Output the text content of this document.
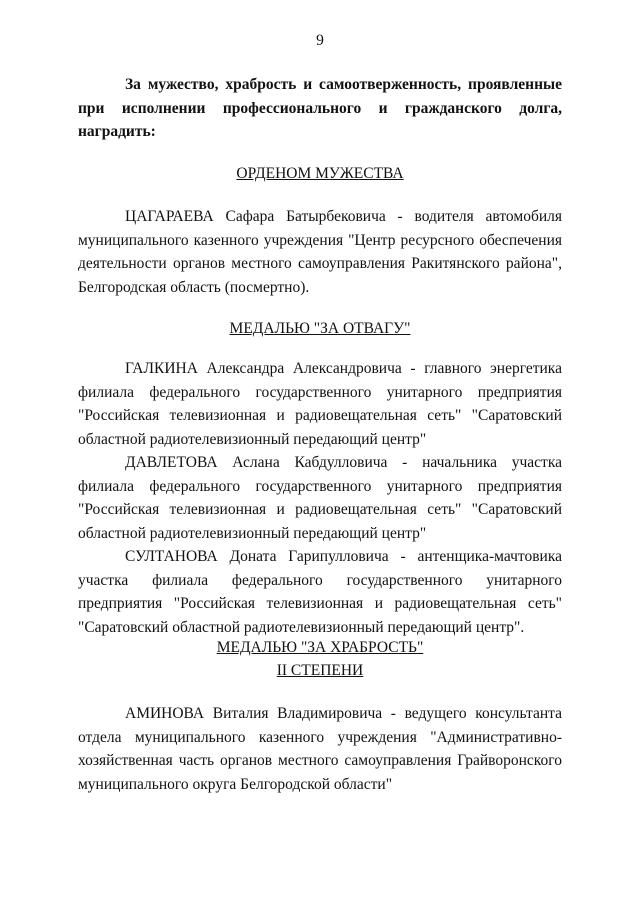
9
За мужество, храбрость и самоотверженность, проявленные при исполнении профессионального и гражданского долга, наградить:
ОРДЕНОМ МУЖЕСТВА

ЦАГАРАЕВА Сафара Батырбековича - водителя автомобиля муниципального казенного учреждения "Центр ресурсного обеспечения деятельности органов местного самоуправления Ракитянского района", Белгородская область (посмертно).

МЕДАЛЬЮ "ЗА ОТВАГУ"

ГАЛКИНА Александра Александровича - главного энергетика филиала федерального государственного унитарного предприятия "Российская телевизионная и радиовещательная сеть" "Саратовский областной радиотелевизионный передающий центр"

ДАВЛЕТОВА Аслана Кабдулловича - начальника участка филиала федерального государственного унитарного предприятия "Российская телевизионная и радиовещательная сеть" "Саратовский областной радиотелевизионный передающий центр"

СУЛТАНОВА Доната Гарипулловича - антенщика-мачтовика участка филиала федерального государственного унитарного предприятия "Российская телевизионная и радиовещательная сеть" "Саратовский областной радиотелевизионный передающий центр".

МЕДАЛЬЮ "ЗА ХРАБРОСТЬ"
II СТЕПЕНИ

АМИНОВА Виталия Владимировича - ведущего консультанта отдела муниципального казенного учреждения "Административно-хозяйственная часть органов местного самоуправления Грайворонского муниципального округа Белгородской области"
